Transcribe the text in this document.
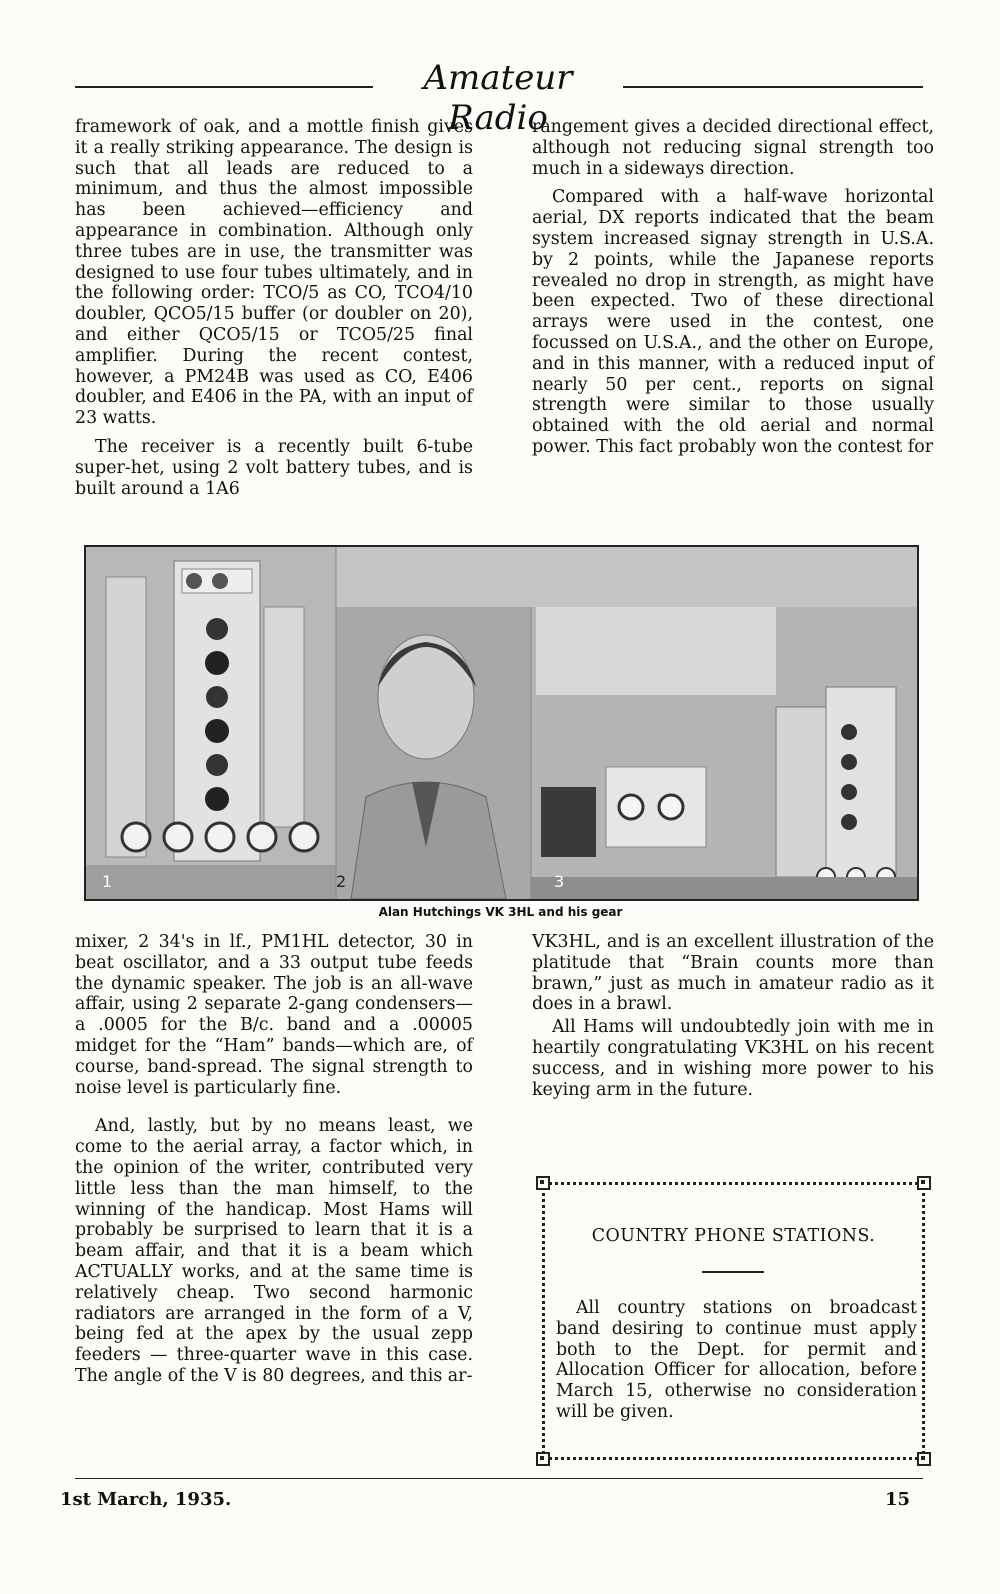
Amateur Radio

framework of oak, and a mottle finish gives it a really striking appearance. The design is such that all leads are reduced to a minimum, and thus the almost impossible has been achieved—efficiency and appearance in combination. Although only three tubes are in use, the transmitter was designed to use four tubes ultimately, and in the following order: TCO/5 as CO, TCO4/10 doubler, QCO5/15 buffer (or doubler on 20), and either QCO5/15 or TCO5/25 final amplifier. During the recent contest, however, a PM24B was used as CO, E406 doubler, and E406 in the PA, with an input of 23 watts.

The receiver is a recently built 6-tube super-het, using 2 volt battery tubes, and is built around a 1A6

rangement gives a decided directional effect, although not reducing signal strength too much in a sideways direction.

Compared with a half-wave horizontal aerial, DX reports indicated that the beam system increased signay strength in U.S.A. by 2 points, while the Japanese reports revealed no drop in strength, as might have been expected. Two of these directional arrays were used in the contest, one focussed on U.S.A., and the other on Europe, and in this manner, with a reduced input of nearly 50 per cent., reports on signal strength were similar to those usually obtained with the old aerial and normal power. This fact probably won the contest for

1	2	3
Alan Hutchings VK 3HL and his gear

mixer, 2 34's in lf., PM1HL detector, 30 in beat oscillator, and a 33 output tube feeds the dynamic speaker. The job is an all-wave affair, using 2 separate 2-gang condensers—a .0005 for the B/c. band and a .00005 midget for the “Ham” bands—which are, of course, band-spread. The signal strength to noise level is particularly fine.

And, lastly, but by no means least, we come to the aerial array, a factor which, in the opinion of the writer, contributed very little less than the man himself, to the winning of the handicap. Most Hams will probably be surprised to learn that it is a beam affair, and that it is a beam which ACTUALLY works, and at the same time is relatively cheap. Two second harmonic radiators are arranged in the form of a V, being fed at the apex by the usual zepp feeders — three-quarter wave in this case. The angle of the V is 80 degrees, and this ar-

VK3HL, and is an excellent illustration of the platitude that “Brain counts more than brawn,” just as much in amateur radio as it does in a brawl.

All Hams will undoubtedly join with me in heartily congratulating VK3HL on his recent success, and in wishing more power to his keying arm in the future.

COUNTRY PHONE STATIONS.
All country stations on broadcast band desiring to continue must apply both to the Dept. for permit and Allocation Officer for allocation, before March 15, otherwise no consideration will be given.
1st March, 1935.	15
